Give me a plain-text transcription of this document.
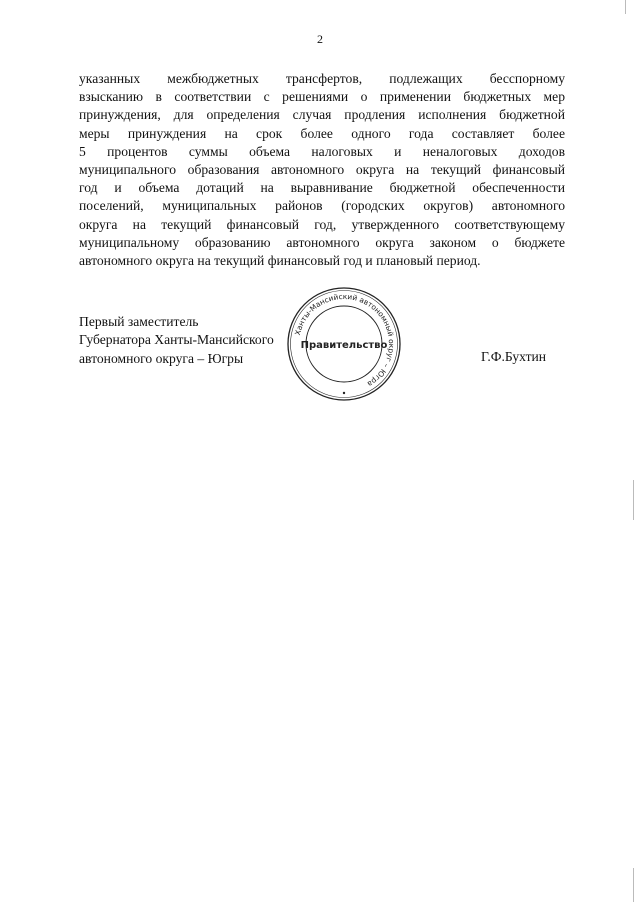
2
указанных межбюджетных трансфертов, подлежащих бесспорному
взысканию в соответствии с решениями о применении бюджетных мер
принуждения, для определения случая продления исполнения бюджетной
меры принуждения на срок более одного года составляет более
5 процентов суммы объема налоговых и неналоговых доходов
муниципального образования автономного округа на текущий финансовый
год и объема дотаций на выравнивание бюджетной обеспеченности
поселений, муниципальных районов (городских округов) автономного
округа на текущий финансовый год, утвержденного соответствующему
муниципальному образованию автономного округа законом о бюджете
автономного округа на текущий финансовый год и плановый период.
Первый заместитель
Губернатора Ханты-Мансийского
автономного округа – Югры	Г.Ф.Бухтин
Ханты-Мансийский автономный округ – Югра
Правительство
